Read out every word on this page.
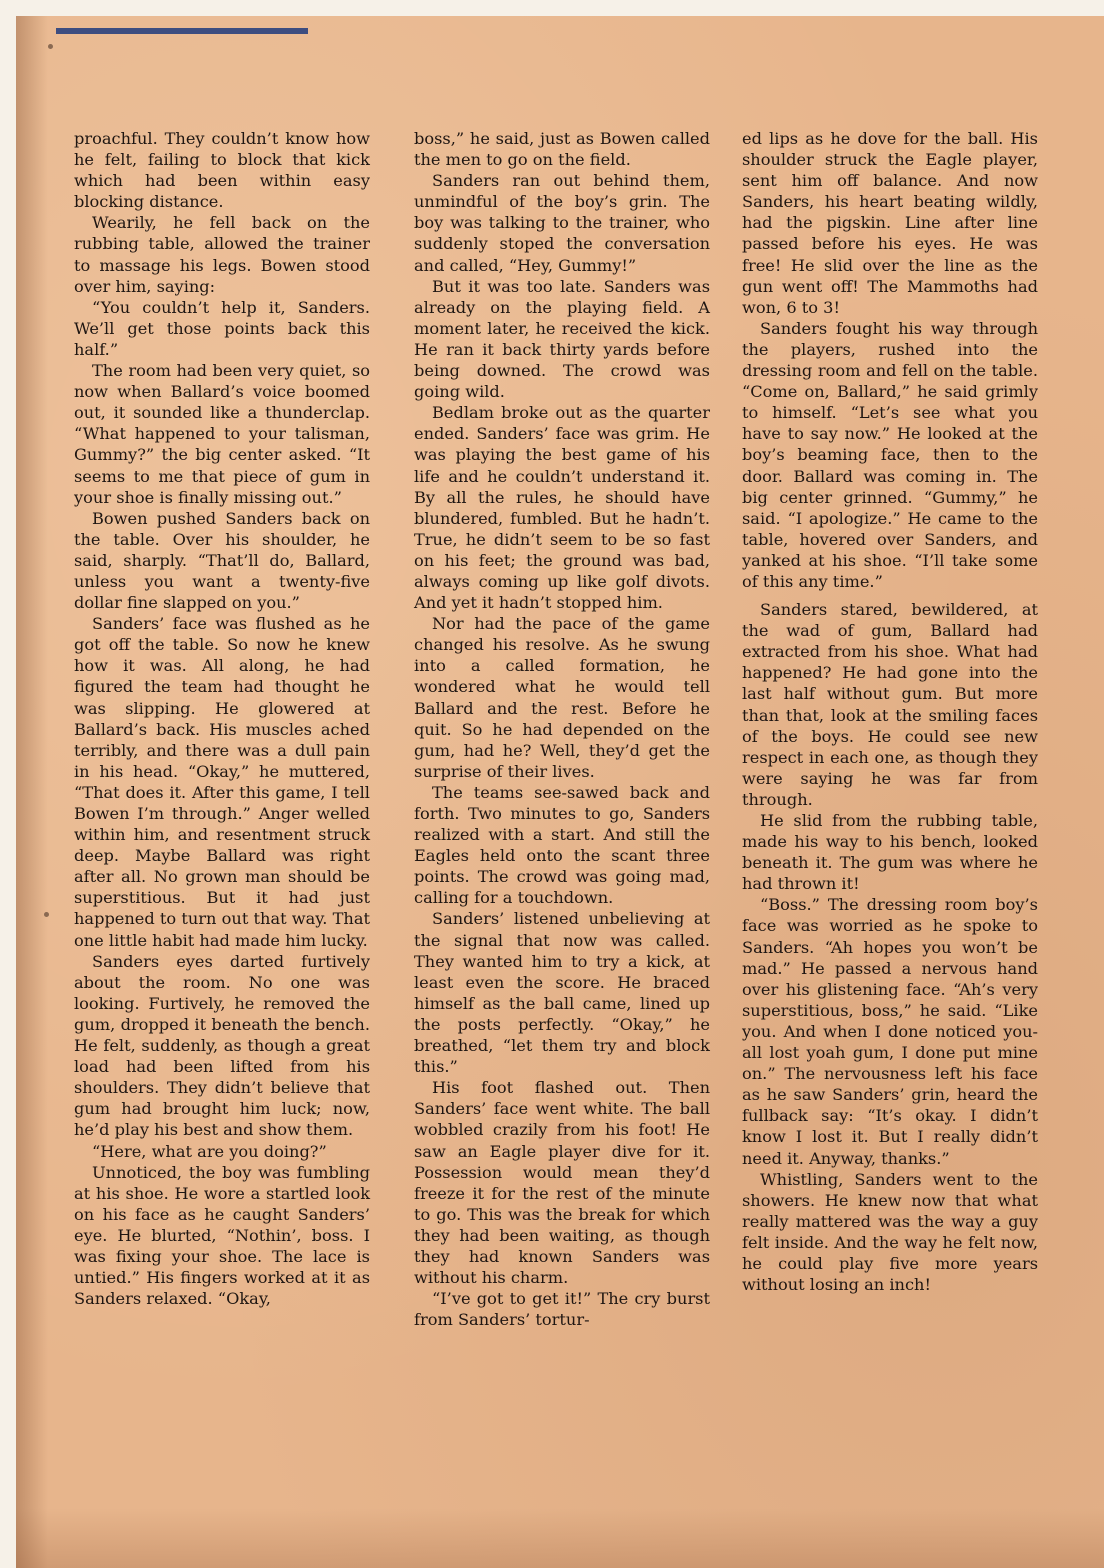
proachful. They couldn’t know how he felt, failing to block that kick which had been within easy blocking distance.

Wearily, he fell back on the rubbing table, allowed the trainer to massage his legs. Bowen stood over him, saying:

“You couldn’t help it, Sanders. We’ll get those points back this half.”

The room had been very quiet, so now when Ballard’s voice boomed out, it sounded like a thunderclap. “What happened to your talisman, Gummy?” the big center asked. “It seems to me that piece of gum in your shoe is finally missing out.”

Bowen pushed Sanders back on the table. Over his shoulder, he said, sharply. “That’ll do, Ballard, unless you want a twenty-five dollar fine slapped on you.”

Sanders’ face was flushed as he got off the table. So now he knew how it was. All along, he had figured the team had thought he was slipping. He glowered at Ballard’s back. His muscles ached terribly, and there was a dull pain in his head. “Okay,” he muttered, “That does it. After this game, I tell Bowen I’m through.” Anger welled within him, and resentment struck deep. Maybe Ballard was right after all. No grown man should be superstitious. But it had just happened to turn out that way. That one little habit had made him lucky.

Sanders eyes darted furtively about the room. No one was looking. Furtively, he removed the gum, dropped it beneath the bench. He felt, suddenly, as though a great load had been lifted from his shoulders. They didn’t believe that gum had brought him luck; now, he’d play his best and show them.

“Here, what are you doing?”

Unnoticed, the boy was fumbling at his shoe. He wore a startled look on his face as he caught Sanders’ eye. He blurted, “Nothin’, boss. I was fixing your shoe. The lace is untied.” His fingers worked at it as Sanders relaxed. “Okay,

boss,” he said, just as Bowen called the men to go on the field.

Sanders ran out behind them, unmindful of the boy’s grin. The boy was talking to the trainer, who suddenly stoped the conversation and called, “Hey, Gummy!”

But it was too late. Sanders was already on the playing field. A moment later, he received the kick. He ran it back thirty yards before being downed. The crowd was going wild.

Bedlam broke out as the quarter ended. Sanders’ face was grim. He was playing the best game of his life and he couldn’t understand it. By all the rules, he should have blundered, fumbled. But he hadn’t. True, he didn’t seem to be so fast on his feet; the ground was bad, always coming up like golf divots. And yet it hadn’t stopped him.

Nor had the pace of the game changed his resolve. As he swung into a called formation, he wondered what he would tell Ballard and the rest. Before he quit. So he had depended on the gum, had he? Well, they’d get the surprise of their lives.

The teams see-sawed back and forth. Two minutes to go, Sanders realized with a start. And still the Eagles held onto the scant three points. The crowd was going mad, calling for a touchdown.

Sanders’ listened unbelieving at the signal that now was called. They wanted him to try a kick, at least even the score. He braced himself as the ball came, lined up the posts perfectly. “Okay,” he breathed, “let them try and block this.”

His foot flashed out. Then Sanders’ face went white. The ball wobbled crazily from his foot! He saw an Eagle player dive for it. Possession would mean they’d freeze it for the rest of the minute to go. This was the break for which they had been waiting, as though they had known Sanders was without his charm.

“I’ve got to get it!” The cry burst from Sanders’ tortur-

ed lips as he dove for the ball. His shoulder struck the Eagle player, sent him off balance. And now Sanders, his heart beating wildly, had the pigskin. Line after line passed before his eyes. He was free! He slid over the line as the gun went off! The Mammoths had won, 6 to 3!

Sanders fought his way through the players, rushed into the dressing room and fell on the table. “Come on, Ballard,” he said grimly to himself. “Let’s see what you have to say now.” He looked at the boy’s beaming face, then to the door. Ballard was coming in. The big center grinned. “Gummy,” he said. “I apologize.” He came to the table, hovered over Sanders, and yanked at his shoe. “I’ll take some of this any time.”

Sanders stared, bewildered, at the wad of gum, Ballard had extracted from his shoe. What had happened? He had gone into the last half without gum. But more than that, look at the smiling faces of the boys. He could see new respect in each one, as though they were saying he was far from through.

He slid from the rubbing table, made his way to his bench, looked beneath it. The gum was where he had thrown it!

“Boss.” The dressing room boy’s face was worried as he spoke to Sanders. “Ah hopes you won’t be mad.” He passed a nervous hand over his glistening face. “Ah’s very superstitious, boss,” he said. “Like you. And when I done noticed you-all lost yoah gum, I done put mine on.” The nervousness left his face as he saw Sanders’ grin, heard the fullback say: “It’s okay. I didn’t know I lost it. But I really didn’t need it. Anyway, thanks.”

Whistling, Sanders went to the showers. He knew now that what really mattered was the way a guy felt inside. And the way he felt now, he could play five more years without losing an inch!
